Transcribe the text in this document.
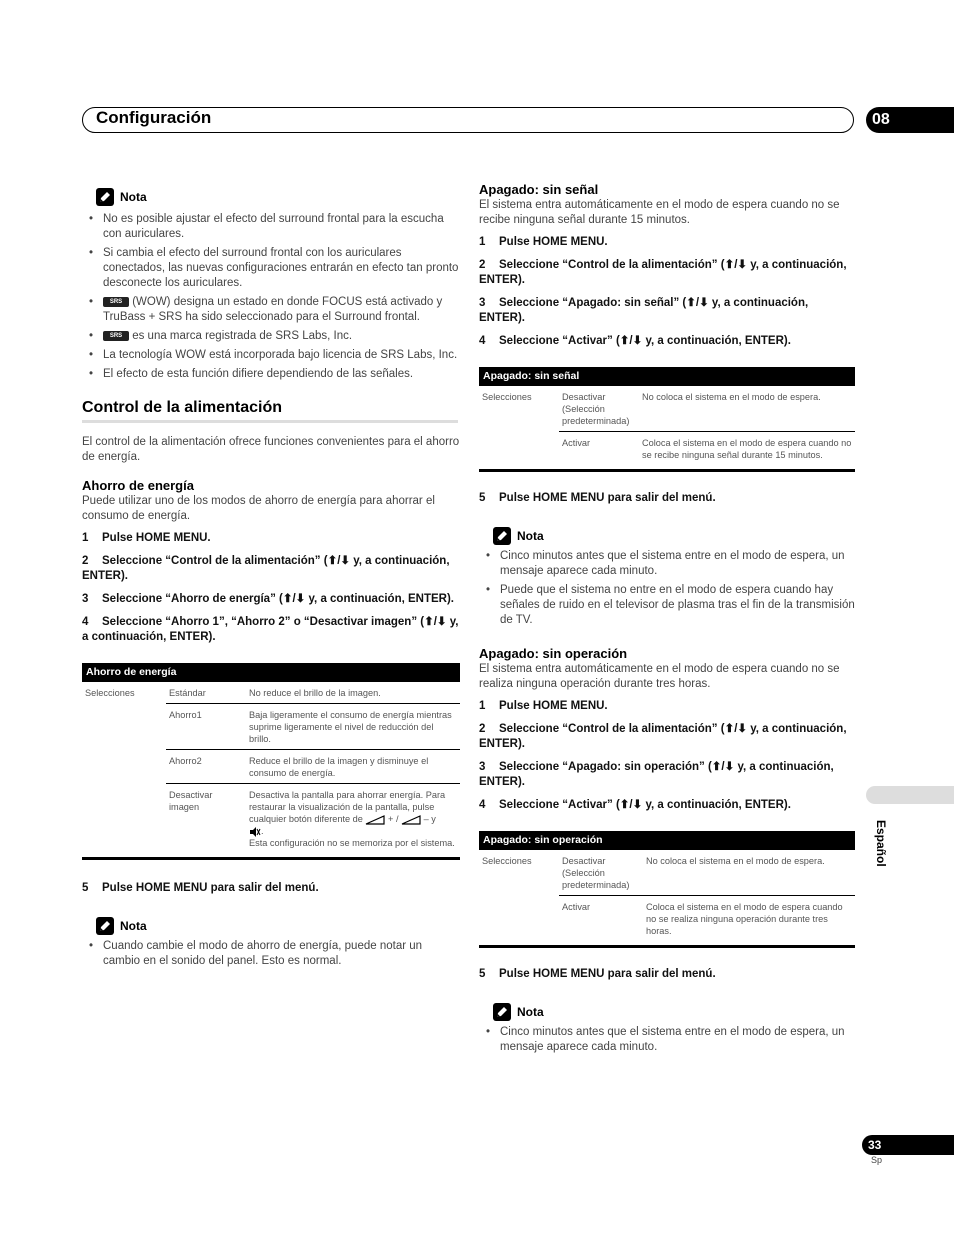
Configuración	08
Nota
• No es posible ajustar el efecto del surround frontal para la escucha con auriculares.
• Si cambia el efecto del surround frontal con los auriculares conectados, las nuevas configuraciones entrarán en efecto tan pronto desconecte los auriculares.
• SRS (WOW) designa un estado en donde FOCUS está activado y TruBass + SRS ha sido seleccionado para el Surround frontal.
• SRS es una marca registrada de SRS Labs, Inc.
• La tecnología WOW está incorporada bajo licencia de SRS Labs, Inc.
• El efecto de esta función difiere dependiendo de las señales.
Control de la alimentación
El control de la alimentación ofrece funciones convenientes para el ahorro de energía.
Ahorro de energía
Puede utilizar uno de los modos de ahorro de energía para ahorrar el consumo de energía.
1 Pulse HOME MENU.
2 Seleccione “Control de la alimentación” (⬆/⬇ y, a continuación, ENTER).
3 Seleccione “Ahorro de energía” (⬆/⬇ y, a continuación, ENTER).
4 Seleccione “Ahorro 1”, “Ahorro 2” o “Desactivar imagen” (⬆/⬇ y, a continuación, ENTER).
Ahorro de energía		
Selecciones	Estándar	No reduce el brillo de la imagen.
	Ahorro1	Baja ligeramente el consumo de energía mientras suprime ligeramente el nivel de reducción del brillo.
	Ahorro2	Reduce el brillo de la imagen y disminuye el consumo de energía.
	Desactivar imagen	Desactiva la pantalla para ahorrar energía. Para restaurar la visualización de la pantalla, pulse cualquier botón diferente de + / – y
.
Esta configuración no se memoriza por el sistema.
5 Pulse HOME MENU para salir del menú.
Nota
• Cuando cambie el modo de ahorro de energía, puede notar un cambio en el sonido del panel. Esto es normal.
Apagado: sin señal
El sistema entra automáticamente en el modo de espera cuando no se recibe ninguna señal durante 15 minutos.
1 Pulse HOME MENU.
2 Seleccione “Control de la alimentación” (⬆/⬇ y, a continuación, ENTER).
3 Seleccione “Apagado: sin señal” (⬆/⬇ y, a continuación, ENTER).
4 Seleccione “Activar” (⬆/⬇ y, a continuación, ENTER).
Apagado: sin señal		
Selecciones	Desactivar (Selección predeterminada)	No coloca el sistema en el modo de espera.
	Activar	Coloca el sistema en el modo de espera cuando no se recibe ninguna señal durante 15 minutos.
5 Pulse HOME MENU para salir del menú.
Nota
• Cinco minutos antes que el sistema entre en el modo de espera, un mensaje aparece cada minuto.
• Puede que el sistema no entre en el modo de espera cuando hay señales de ruido en el televisor de plasma tras el fin de la transmisión de TV.
Apagado: sin operación
El sistema entra automáticamente en el modo de espera cuando no se realiza ninguna operación durante tres horas.
1 Pulse HOME MENU.
2 Seleccione “Control de la alimentación” (⬆/⬇ y, a continuación, ENTER).
3 Seleccione “Apagado: sin operación” (⬆/⬇ y, a continuación, ENTER).
4 Seleccione “Activar” (⬆/⬇ y, a continuación, ENTER).
Apagado: sin operación		
Selecciones	Desactivar (Selección predeterminada)	No coloca el sistema en el modo de espera.
	Activar	Coloca el sistema en el modo de espera cuando no se realiza ninguna operación durante tres horas.
5 Pulse HOME MENU para salir del menú.
Nota
• Cinco minutos antes que el sistema entre en el modo de espera, un mensaje aparece cada minuto.
Español
33
Sp
